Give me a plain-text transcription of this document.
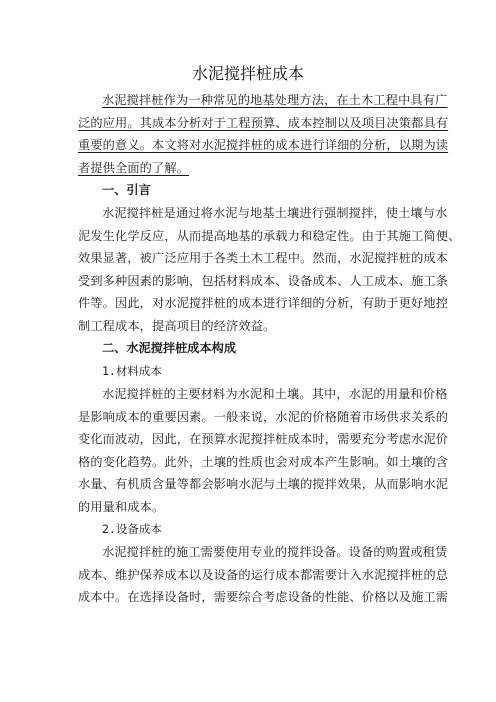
水泥搅拌桩成本
水泥搅拌桩作为一种常见的地基处理方法，在土木工程中具有广
泛的应用。其成本分析对于工程预算、成本控制以及项目决策都具有
重要的意义。本文将对水泥搅拌桩的成本进行详细的分析，以期为读
者提供全面的了解。
一、引言
水泥搅拌桩是通过将水泥与地基土壤进行强制搅拌，使土壤与水
泥发生化学反应，从而提高地基的承载力和稳定性。由于其施工简便、
效果显著，被广泛应用于各类土木工程中。然而，水泥搅拌桩的成本
受到多种因素的影响，包括材料成本、设备成本、人工成本、施工条
件等。因此，对水泥搅拌桩的成本进行详细的分析，有助于更好地控
制工程成本，提高项目的经济效益。
二、水泥搅拌桩成本构成
1.材料成本
水泥搅拌桩的主要材料为水泥和土壤。其中，水泥的用量和价格
是影响成本的重要因素。一般来说，水泥的价格随着市场供求关系的
变化而波动，因此，在预算水泥搅拌桩成本时，需要充分考虑水泥价
格的变化趋势。此外，土壤的性质也会对成本产生影响。如土壤的含
水量、有机质含量等都会影响水泥与土壤的搅拌效果，从而影响水泥
的用量和成本。
2.设备成本
水泥搅拌桩的施工需要使用专业的搅拌设备。设备的购置或租赁
成本、维护保养成本以及设备的运行成本都需要计入水泥搅拌桩的总
成本中。在选择设备时，需要综合考虑设备的性能、价格以及施工需
